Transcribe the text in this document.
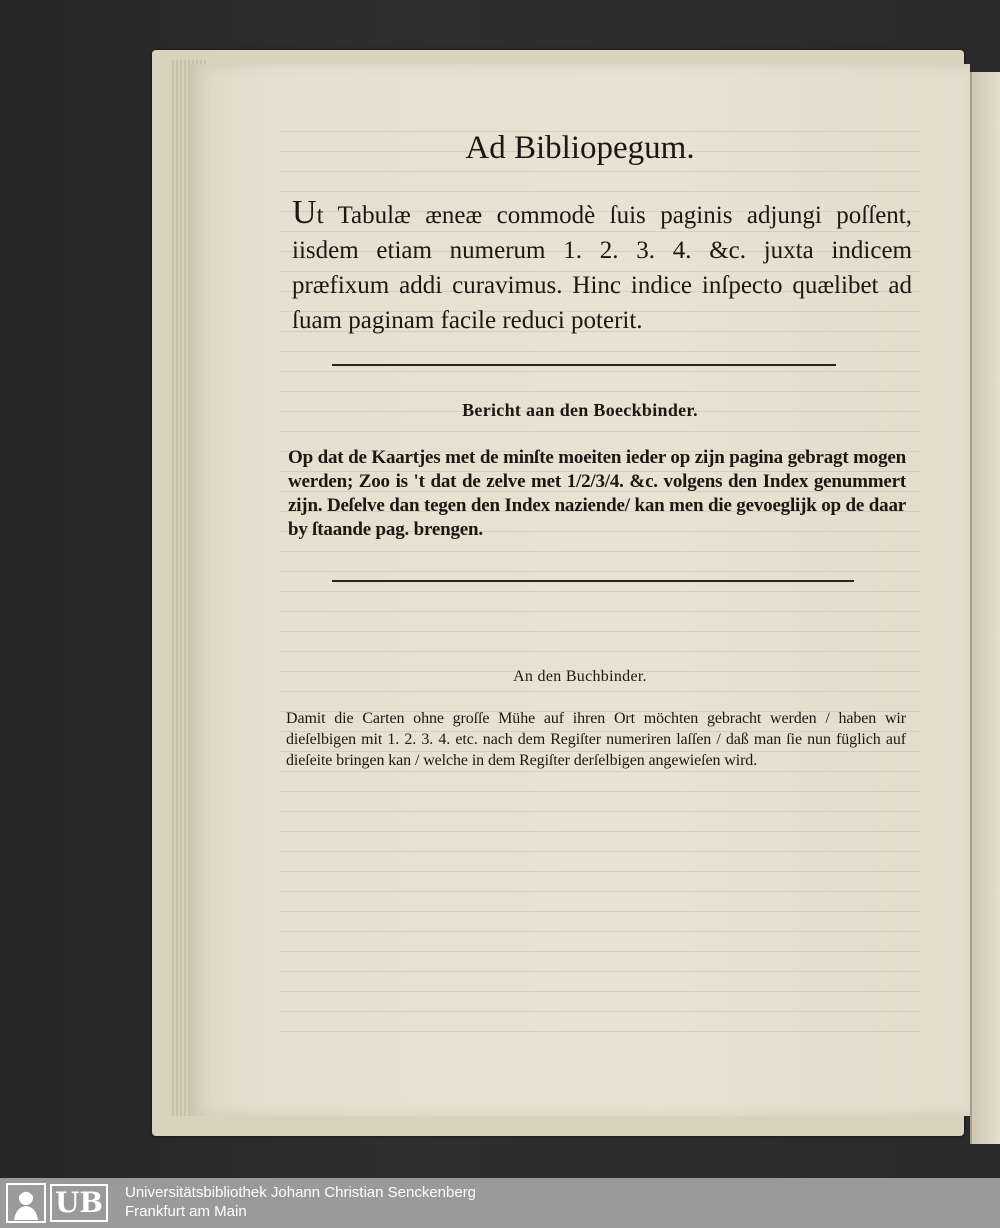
Ad Bibliopegum.
Ut Tabulæ æneæ commodè ſuis paginis adjungi poſſent, iisdem etiam numerum 1. 2. 3. 4. &c. juxta indicem præfixum addi curavimus. Hinc indice inſpecto quælibet ad ſuam paginam facile reduci poterit.
Bericht aan den Boeckbinder.
Op dat de Kaartjes met de minſte moeiten ieder op zijn pagina gebragt mogen werden; Zoo is 't dat de zelve met 1/2/3/4. &c. volgens den Index genummert zijn. Deſelve dan tegen den Index naziende/ kan men die gevoeglijk op de daar by ſtaande pag. brengen.
An den Buchbinder.
Damit die Carten ohne groſſe Mühe auf ihren Ort möchten gebracht werden / haben wir dieſelbigen mit 1. 2. 3. 4. etc. nach dem Regiſter numeriren laſſen / daß man ſie nun füglich auf dieſeite bringen kan / welche in dem Regiſter derſelbigen angewieſen wird.
UB	Universitätsbibliothek Johann Christian Senckenberg
Frankfurt am Main
